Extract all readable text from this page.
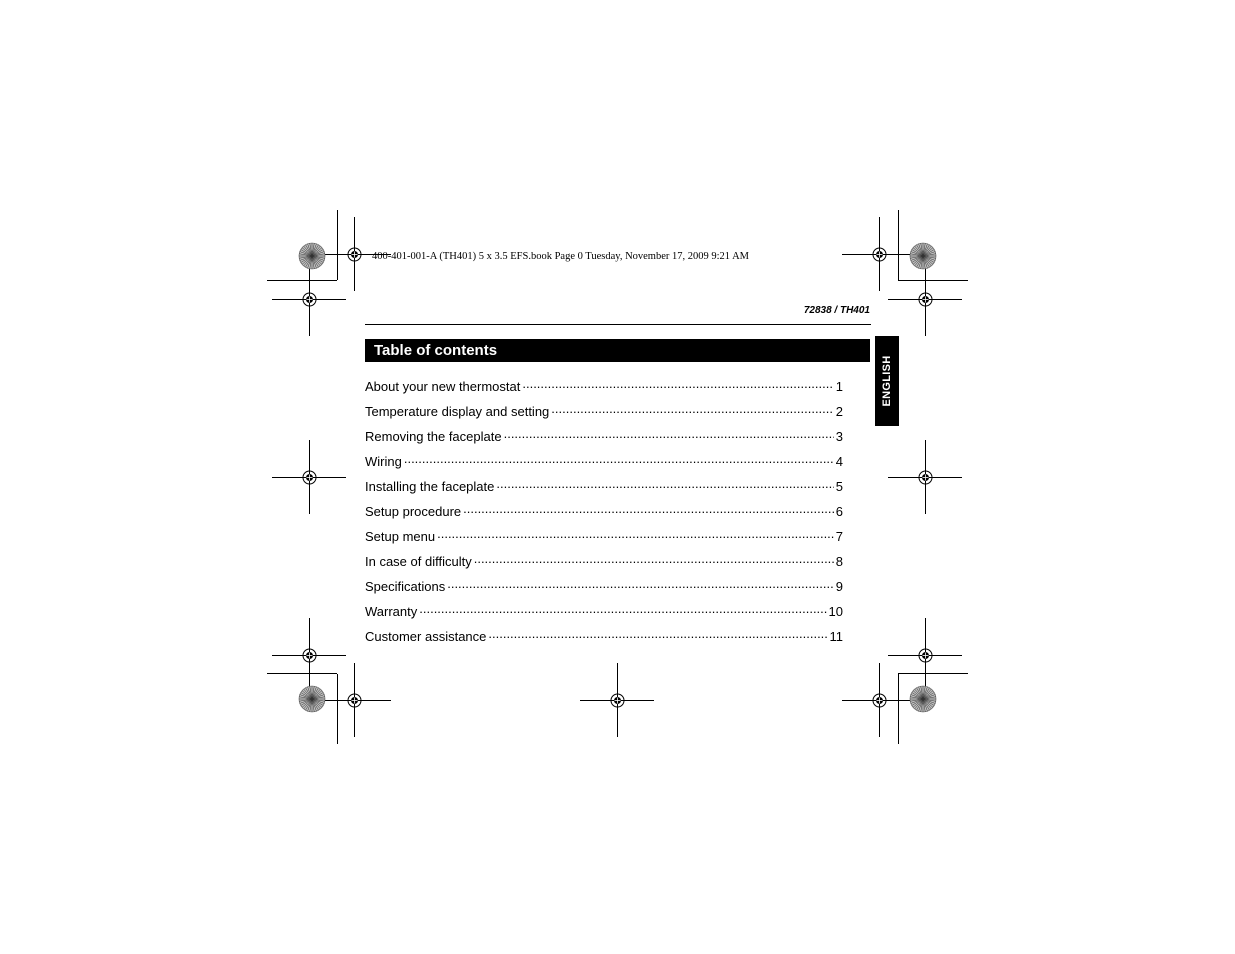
400-401-001-A (TH401) 5 x 3.5 EFS.book Page 0 Tuesday, November 17, 2009 9:21 AM
72838 / TH401
Table of contents
ENGLISH
About your new thermostat .....	1
Temperature display and setting .....	2
Removing the faceplate .....	3
Wiring .....	4
Installing the faceplate .....	5
Setup procedure .....	6
Setup menu .....	7
In case of difficulty .....	8
Specifications .....	9
Warranty .....	10
Customer assistance .....	11
